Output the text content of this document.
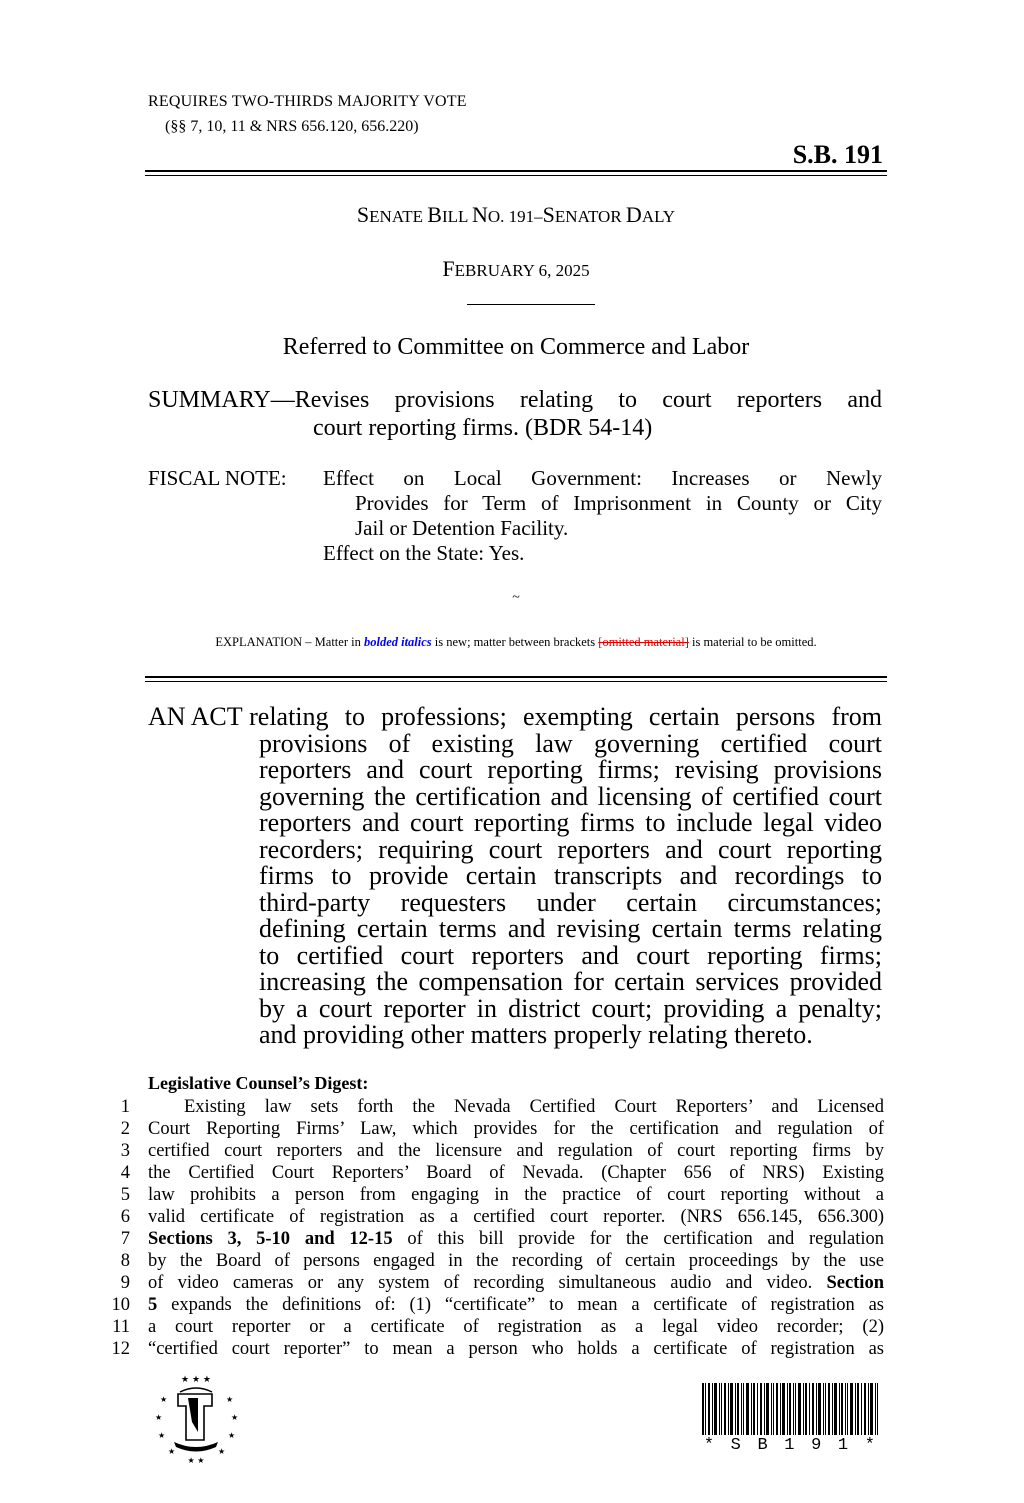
REQUIRES TWO-THIRDS MAJORITY VOTE
(§§ 7, 10, 11 & NRS 656.120, 656.220)
S.B. 191
SENATE BILL NO. 191–SENATOR DALY
FEBRUARY 6, 2025
Referred to Committee on Commerce and Labor
SUMMARY—Revises provisions relating to court reporters and
court reporting firms. (BDR 54-14)
FISCAL NOTE:	Effect on Local Government: Increases or Newly
Provides for Term of Imprisonment in County or City
Jail or Detention Facility.
Effect on the State: Yes.
~
EXPLANATION – Matter in bolded italics is new; matter between brackets [omitted material] is material to be omitted.
AN ACT
relating to professions; exempting certain persons from
provisions of existing law governing certified court
reporters and court reporting firms; revising provisions
governing the certification and licensing of certified court
reporters and court reporting firms to include legal video
recorders; requiring court reporters and court reporting
firms to provide certain transcripts and recordings to
third-party requesters under certain circumstances;
defining certain terms and revising certain terms relating
to certified court reporters and court reporting firms;
increasing the compensation for certain services provided
by a court reporter in district court; providing a penalty;
and providing other matters properly relating thereto.
Legislative Counsel’s Digest:
1	Existing law sets forth the Nevada Certified Court Reporters’ and Licensed
2 Court Reporting Firms’ Law, which provides for the certification and regulation of
3 certified court reporters and the licensure and regulation of court reporting firms by
4 the Certified Court Reporters’ Board of Nevada. (Chapter 656 of NRS) Existing
5 law prohibits a person from engaging in the practice of court reporting without a
6 valid certificate of registration as a certified court reporter. (NRS 656.145, 656.300)
7 Sections 3, 5-10 and 12-15 of this bill provide for the certification and regulation
8 by the Board of persons engaged in the recording of certain proceedings by the use
9 of video cameras or any system of recording simultaneous audio and video. Section
10 5 expands the definitions of: (1) “certificate” to mean a certificate of registration as
11 a court reporter or a certificate of registration as a legal video recorder; (2)
12 “certified court reporter” to mean a person who holds a certificate of registration as
★ ★ ★
★
★
★
★
★
★
★
★
★ ★
* S B 1 9 1 *
